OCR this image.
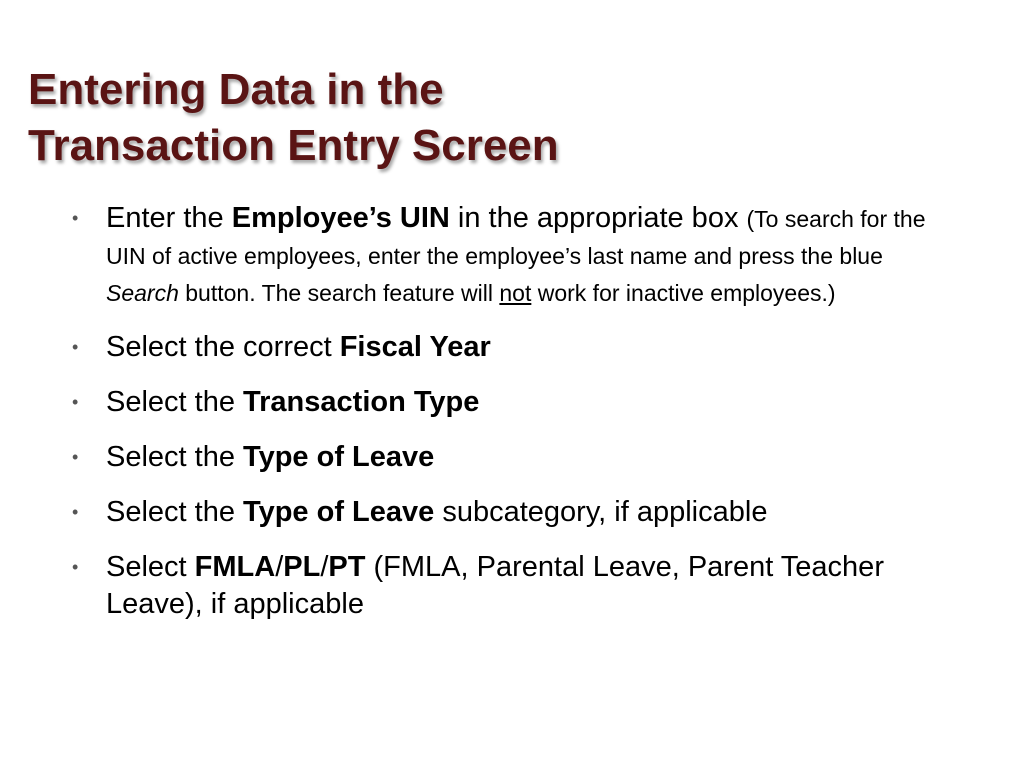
Entering Data in the
Transaction Entry Screen
• Enter the Employee’s UIN in the appropriate box (To search for the UIN of active employees, enter the employee’s last name and press the blue Search button. The search feature will not work for inactive employees.)
• Select the correct Fiscal Year
• Select the Transaction Type
• Select the Type of Leave
• Select the Type of Leave subcategory, if applicable
• Select FMLA/PL/PT (FMLA, Parental Leave, Parent Teacher Leave), if applicable
